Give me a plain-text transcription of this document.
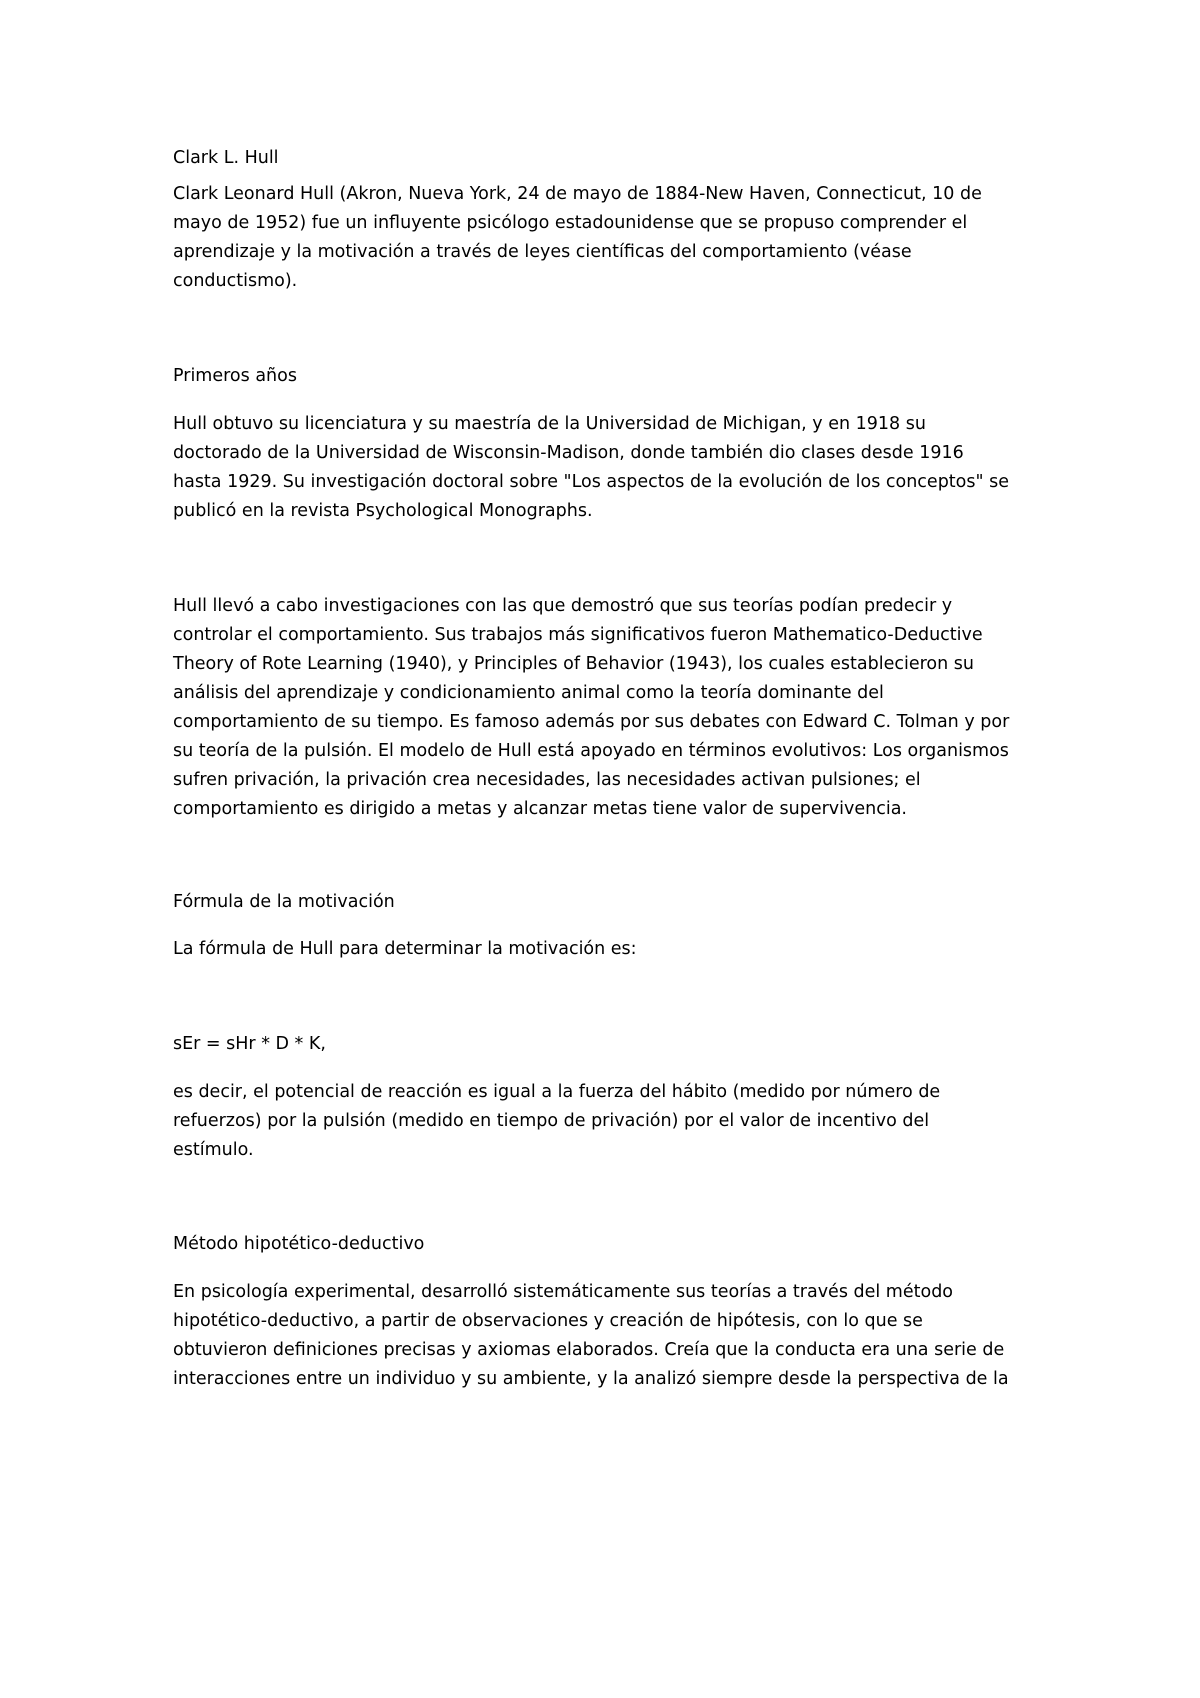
Clark L. Hull

Clark Leonard Hull (Akron, Nueva York, 24 de mayo de 1884-New Haven, Connecticut, 10 de

mayo de 1952) fue un influyente psicólogo estadounidense que se propuso comprender el

aprendizaje y la motivación a través de leyes científicas del comportamiento (véase

conductismo).

Primeros años

Hull obtuvo su licenciatura y su maestría de la Universidad de Michigan, y en 1918 su

doctorado de la Universidad de Wisconsin-Madison, donde también dio clases desde 1916

hasta 1929. Su investigación doctoral sobre "Los aspectos de la evolución de los conceptos" se

publicó en la revista Psychological Monographs.

Hull llevó a cabo investigaciones con las que demostró que sus teorías podían predecir y

controlar el comportamiento. Sus trabajos más significativos fueron Mathematico-Deductive

Theory of Rote Learning (1940), y Principles of Behavior (1943), los cuales establecieron su

análisis del aprendizaje y condicionamiento animal como la teoría dominante del

comportamiento de su tiempo. Es famoso además por sus debates con Edward C. Tolman y por

su teoría de la pulsión. El modelo de Hull está apoyado en términos evolutivos: Los organismos

sufren privación, la privación crea necesidades, las necesidades activan pulsiones; el

comportamiento es dirigido a metas y alcanzar metas tiene valor de supervivencia.

Fórmula de la motivación

La fórmula de Hull para determinar la motivación es:

sEr = sHr * D * K,

es decir, el potencial de reacción es igual a la fuerza del hábito (medido por número de

refuerzos) por la pulsión (medido en tiempo de privación) por el valor de incentivo del

estímulo.

Método hipotético-deductivo

En psicología experimental, desarrolló sistemáticamente sus teorías a través del método

hipotético-deductivo, a partir de observaciones y creación de hipótesis, con lo que se

obtuvieron definiciones precisas y axiomas elaborados. Creía que la conducta era una serie de

interacciones entre un individuo y su ambiente, y la analizó siempre desde la perspectiva de la
